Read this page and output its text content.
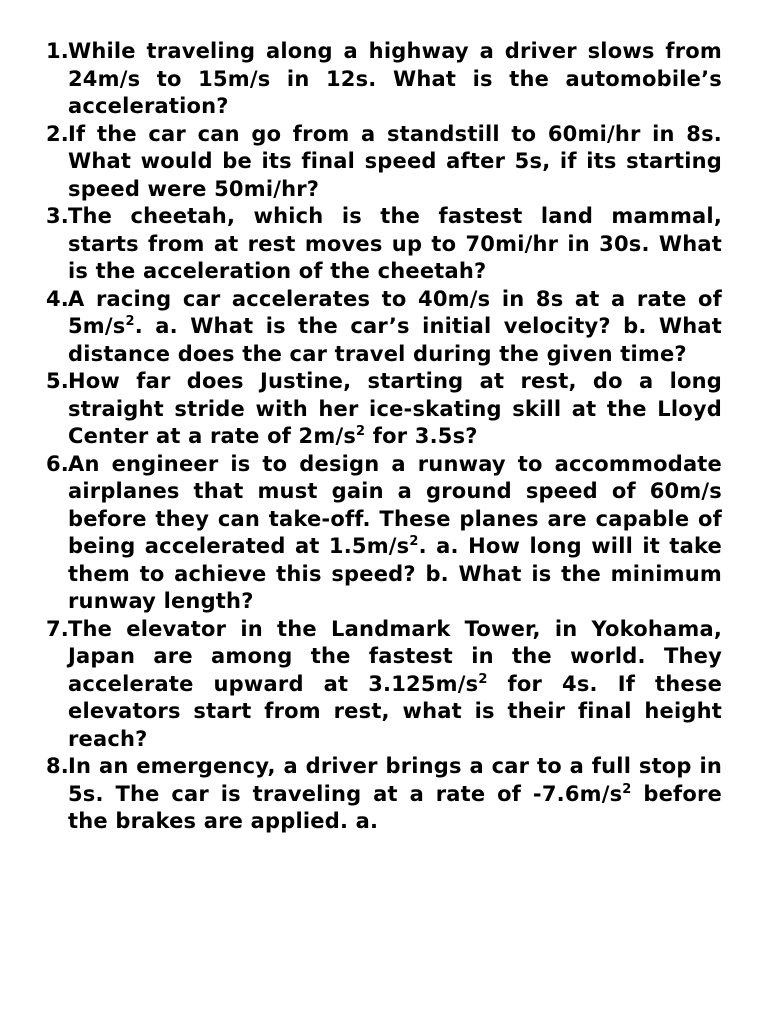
1. While traveling along a highway a driver slows from 24m/s to 15m/s in 12s. What is the automobile’s acceleration?
2. If the car can go from a standstill to 60mi/hr in 8s. What would be its final speed after 5s, if its starting speed were 50mi/hr?
3. The cheetah, which is the fastest land mammal, starts from at rest moves up to 70mi/hr in 30s. What is the acceleration of the cheetah?
4. A racing car accelerates to 40m/s in 8s at a rate of $5m/s^2$. a. What is the car’s initial velocity? b. What distance does the car travel during the given time?
5. How far does Justine, starting at rest, do a long straight stride with her ice-skating skill at the Lloyd Center at a rate of $2m/s^2$ for 3.5s?
6. An engineer is to design a runway to accommodate airplanes that must gain a ground speed of 60m/s before they can take-off. These planes are capable of being accelerated at $1.5m/s^2$. a. How long will it take them to achieve this speed? b. What is the minimum runway length?
7. The elevator in the Landmark Tower, in Yokohama, Japan are among the fastest in the world. They accelerate upward at $3.125m/s^2$ for 4s. If these elevators start from rest, what is their final height reach?
8. In an emergency, a driver brings a car to a full stop in 5s. The car is traveling at a rate of $-7.6m/s^2$ before the brakes are applied. a.
